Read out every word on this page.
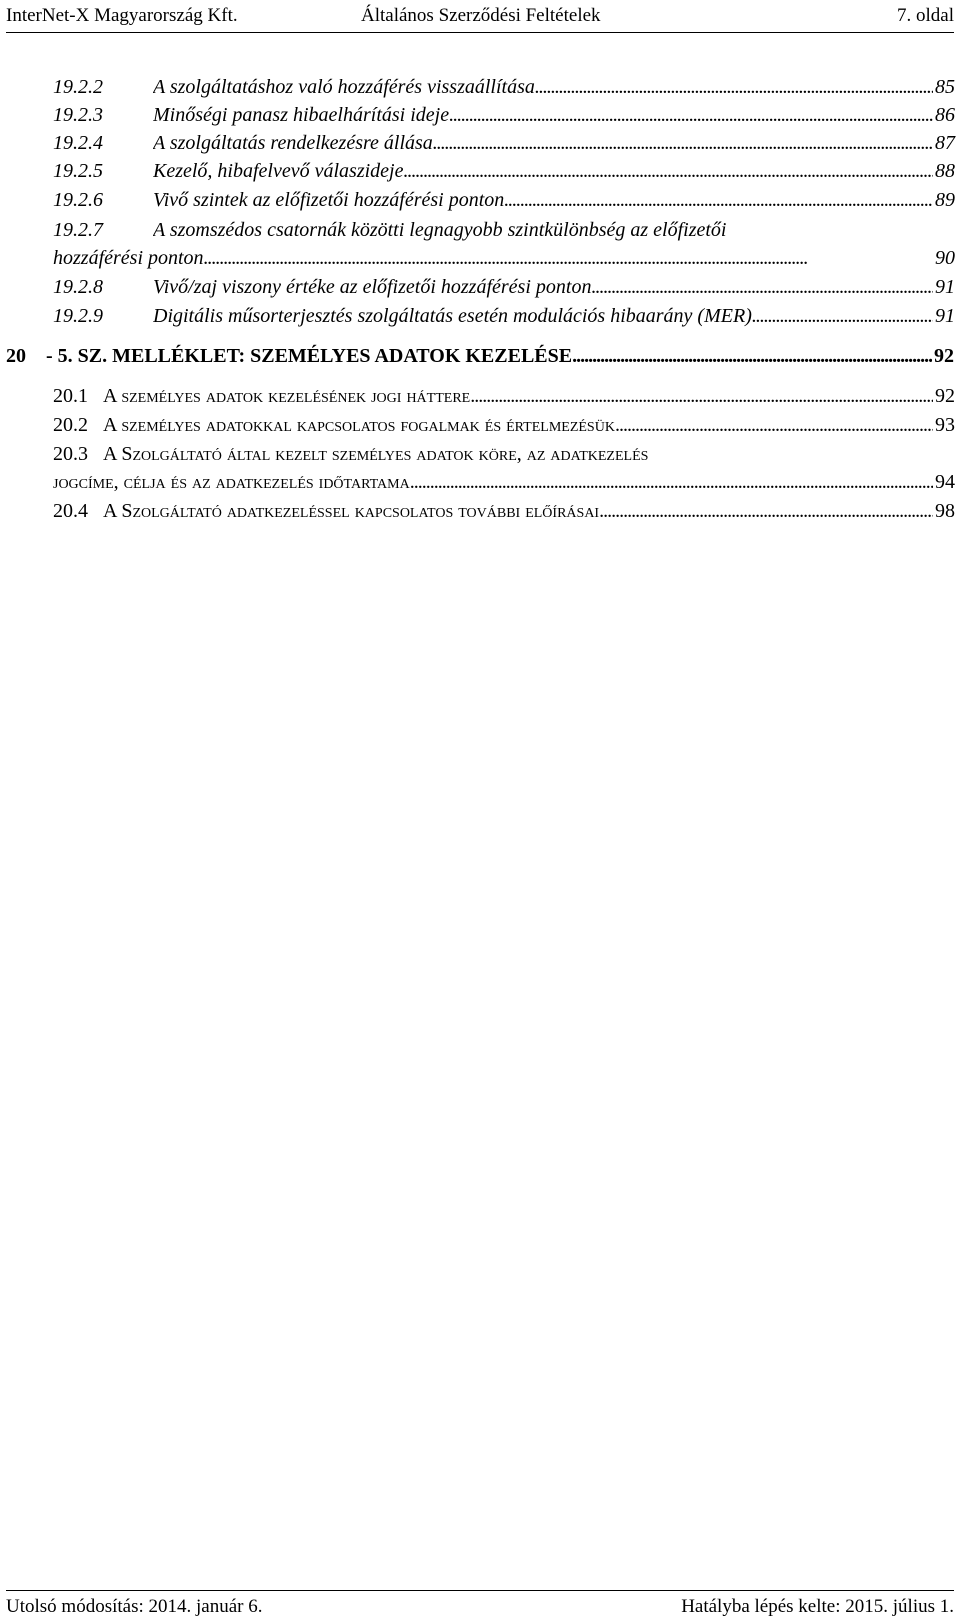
InterNet-X Magyarország Kft.	Általános Szerződési Feltételek	7. oldal
19.2.2	A szolgáltatáshoz való hozzáférés visszaállítása . . .	85
19.2.3	Minőségi panasz hibaelhárítási ideje . . .	86
19.2.4	A szolgáltatás rendelkezésre állása . . .	87
19.2.5	Kezelő, hibafelvevő válaszideje . . .	88
19.2.6	Vivő szintek az előfizetői hozzáférési ponton . . .	89
19.2.7	A szomszédos csatornák közötti legnagyobb szintkülönbség az előfizetői
hozzáférési ponton . . .	90
19.2.8	Vivő/zaj viszony értéke az előfizetői hozzáférési ponton . . .	91
19.2.9	Digitális műsorterjesztés szolgáltatás esetén modulációs hibaarány (MER) . . .	91
20 - 5. SZ. MELLÉKLET: SZEMÉLYES ADATOK KEZELÉSE . . .	92
20.1 A személyes adatok kezelésének jogi háttere . . .	92
20.2 A személyes adatokkal kapcsolatos fogalmak és értelmezésük . . .	93
20.3 A Szolgáltató által kezelt személyes adatok köre, az adatkezelés
jogcíme, célja és az adatkezelés időtartama . . .	94
20.4 A Szolgáltató adatkezeléssel kapcsolatos további előírásai . . .	98
Utolsó módosítás: 2014. január 6.	Hatályba lépés kelte: 2015. július 1.
